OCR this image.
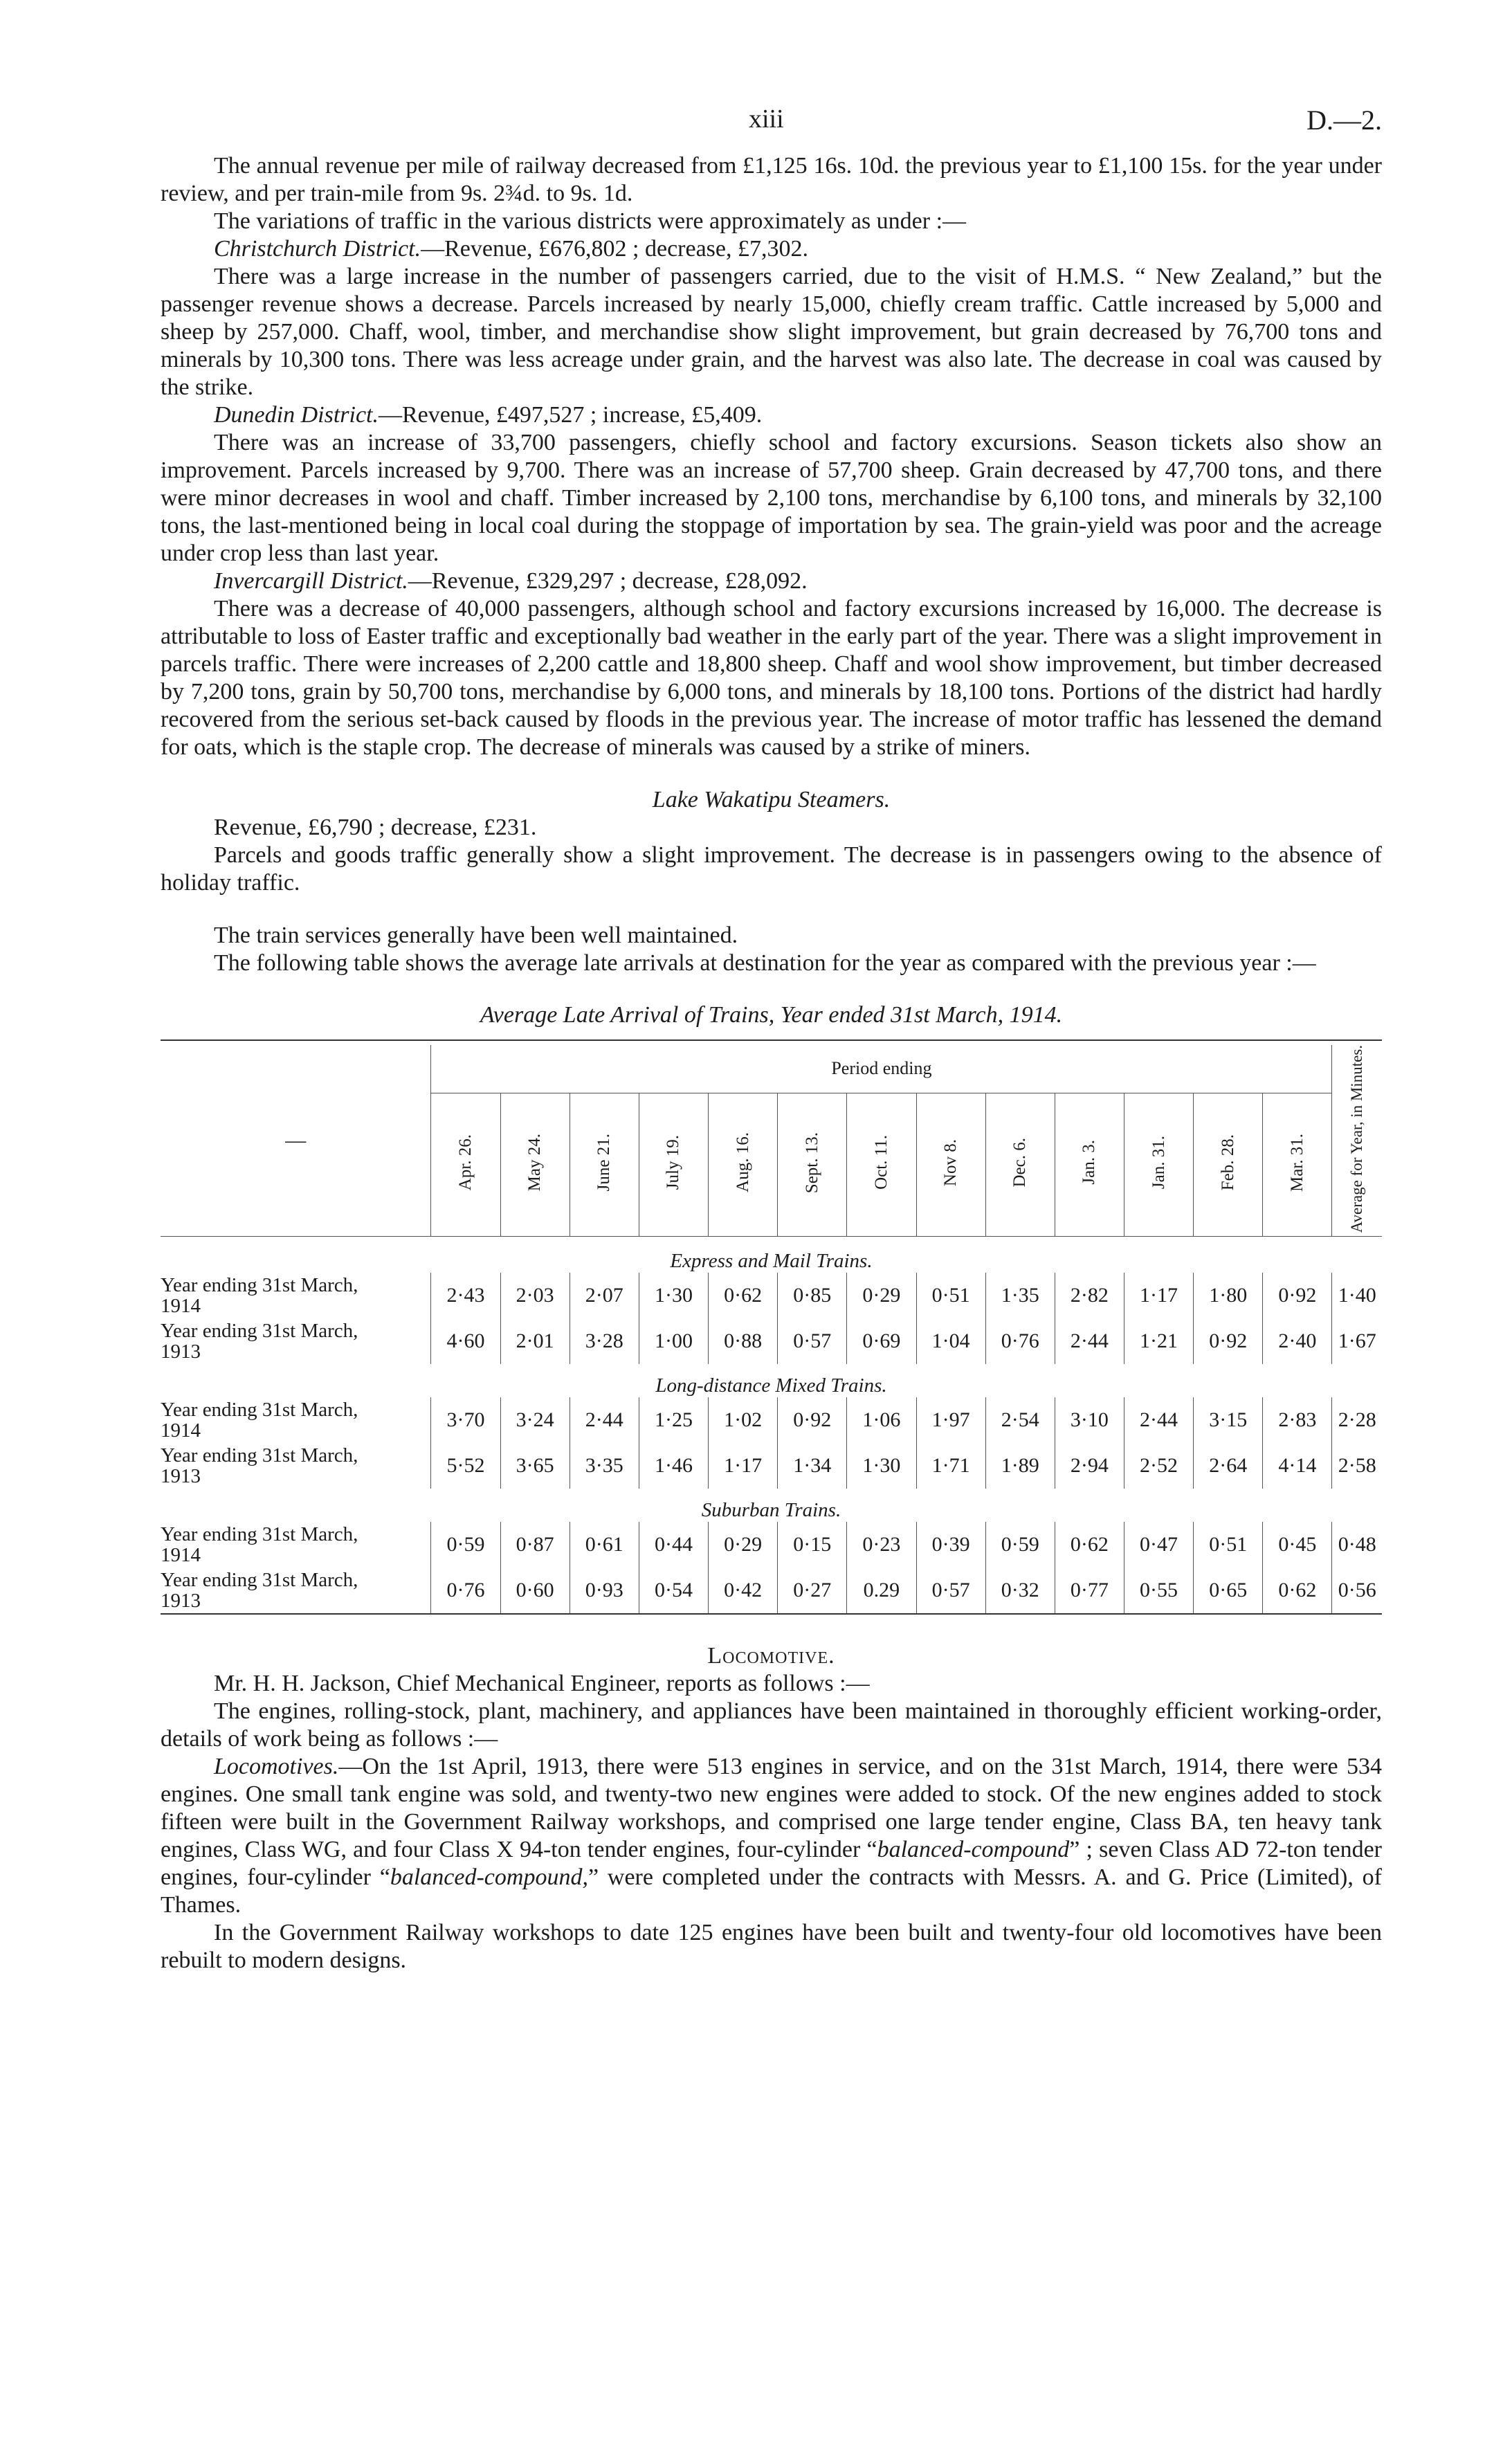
xiii	D.—2.

The annual revenue per mile of railway decreased from £1,125 16s. 10d. the previous year to £1,100 15s. for the year under review, and per train-mile from 9s. 2¾d. to 9s. 1d.

The variations of traffic in the various districts were approximately as under :—

Christchurch District.—Revenue, £676,802 ; decrease, £7,302.

There was a large increase in the number of passengers carried, due to the visit of H.M.S. “ New Zealand,” but the passenger revenue shows a decrease. Parcels increased by nearly 15,000, chiefly cream traffic. Cattle increased by 5,000 and sheep by 257,000. Chaff, wool, timber, and merchandise show slight improvement, but grain decreased by 76,700 tons and minerals by 10,300 tons. There was less acreage under grain, and the harvest was also late. The decrease in coal was caused by the strike.

Dunedin District.—Revenue, £497,527 ; increase, £5,409.

There was an increase of 33,700 passengers, chiefly school and factory excursions. Season tickets also show an improvement. Parcels increased by 9,700. There was an increase of 57,700 sheep. Grain decreased by 47,700 tons, and there were minor decreases in wool and chaff. Timber increased by 2,100 tons, merchandise by 6,100 tons, and minerals by 32,100 tons, the last-mentioned being in local coal during the stoppage of importation by sea. The grain-yield was poor and the acreage under crop less than last year.

Invercargill District.—Revenue, £329,297 ; decrease, £28,092.

There was a decrease of 40,000 passengers, although school and factory excursions increased by 16,000. The decrease is attributable to loss of Easter traffic and exceptionally bad weather in the early part of the year. There was a slight improvement in parcels traffic. There were increases of 2,200 cattle and 18,800 sheep. Chaff and wool show improvement, but timber decreased by 7,200 tons, grain by 50,700 tons, merchandise by 6,000 tons, and minerals by 18,100 tons. Portions of the district had hardly recovered from the serious set-back caused by floods in the previous year. The increase of motor traffic has lessened the demand for oats, which is the staple crop. The decrease of minerals was caused by a strike of miners.

Lake Wakatipu Steamers.

Revenue, £6,790 ; decrease, £231.

Parcels and goods traffic generally show a slight improvement. The decrease is in passengers owing to the absence of holiday traffic.

The train services generally have been well maintained.

The following table shows the average late arrivals at destination for the year as compared with the previous year :—

Average Late Arrival of Trains, Year ended 31st March, 1914.

—	Period ending													Average for Year, in Minutes.
	Apr. 26.	May 24.	June 21.	July 19.	Aug. 16.	Sept. 13.	Oct. 11.	Nov 8.	Dec. 6.	Jan. 3.	Jan. 31.	Feb. 28.	Mar. 31.	

Express and Mail Trains.														

Year ending 31st March,
1914	2·43	2·03	2·07	1·30	0·62	0·85	0·29	0·51	1·35	2·82	1·17	1·80	0·92	1·40

Year ending 31st March,
1913	4·60	2·01	3·28	1·00	0·88	0·57	0·69	1·04	0·76	2·44	1·21	0·92	2·40	1·67
Long-distance Mixed Trains.														

Year ending 31st March,
1914	3·70	3·24	2·44	1·25	1·02	0·92	1·06	1·97	2·54	3·10	2·44	3·15	2·83	2·28

Year ending 31st March,
1913	5·52	3·65	3·35	1·46	1·17	1·34	1·30	1·71	1·89	2·94	2·52	2·64	4·14	2·58
Suburban Trains.														

Year ending 31st March,
1914	0·59	0·87	0·61	0·44	0·29	0·15	0·23	0·39	0·59	0·62	0·47	0·51	0·45	0·48

Year ending 31st March,
1913	0·76	0·60	0·93	0·54	0·42	0·27	0.29	0·57	0·32	0·77	0·55	0·65	0·62	0·56

Locomotive.

Mr. H. H. Jackson, Chief Mechanical Engineer, reports as follows :—

The engines, rolling-stock, plant, machinery, and appliances have been maintained in thoroughly efficient working-order, details of work being as follows :—

Locomotives.—On the 1st April, 1913, there were 513 engines in service, and on the 31st March, 1914, there were 534 engines. One small tank engine was sold, and twenty-two new engines were added to stock. Of the new engines added to stock fifteen were built in the Government Railway workshops, and comprised one large tender engine, Class BA, ten heavy tank engines, Class WG, and four Class X 94-ton tender engines, four-cylinder “balanced-compound” ; seven Class AD 72-ton tender engines, four-cylinder “balanced-compound,” were completed under the contracts with Messrs. A. and G. Price (Limited), of Thames.

In the Government Railway workshops to date 125 engines have been built and twenty-four old locomotives have been rebuilt to modern designs.
